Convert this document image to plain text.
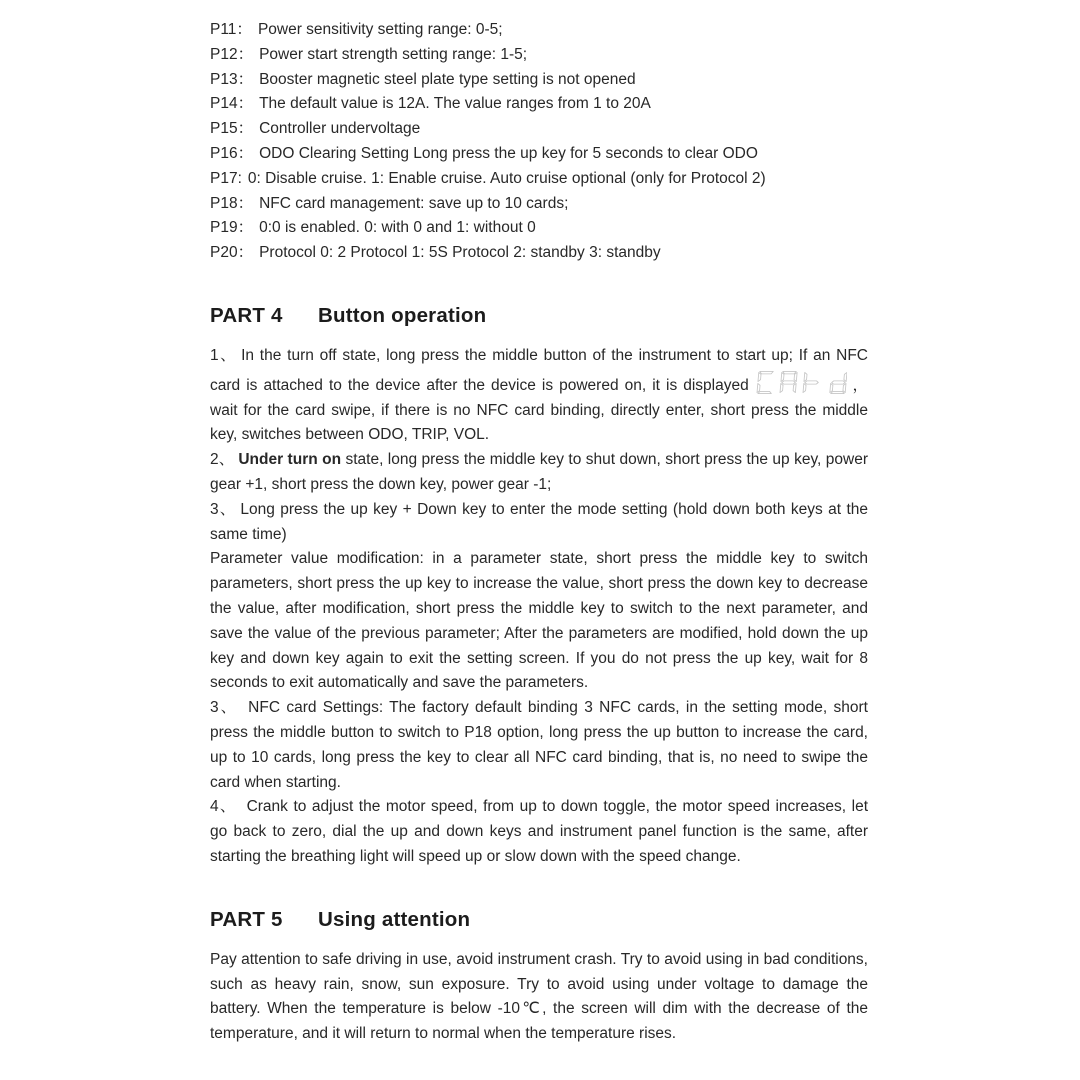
P11： Power sensitivity setting range: 0-5;
P12： Power start strength setting range: 1-5;
P13： Booster magnetic steel plate type setting is not opened
P14： The default value is 12A. The value ranges from 1 to 20A
P15： Controller undervoltage
P16： ODO Clearing Setting Long press the up key for 5 seconds to clear ODO
P17: 0: Disable cruise. 1: Enable cruise. Auto cruise optional (only for Protocol 2)
P18： NFC card management: save up to 10 cards;
P19： 0:0 is enabled. 0: with 0 and 1: without 0
P20： Protocol 0: 2 Protocol 1: 5S Protocol 2: standby 3: standby
PART 4 Button operation

1、 In the turn off state, long press the middle button of the instrument to start up; If an NFC card is attached to the device after the device is powered on, it is displayed	， wait for the card swipe, if there is no NFC card binding, directly enter, short press the middle key, switches between ODO, TRIP, VOL.

2、 Under turn on state, long press the middle key to shut down, short press the up key, power gear +1, short press the down key, power gear -1;

3、 Long press the up key + Down key to enter the mode setting (hold down both keys at the same time)

Parameter value modification: in a parameter state, short press the middle key to switch parameters, short press the up key to increase the value, short press the down key to decrease the value, after modification, short press the middle key to switch to the next parameter, and save the value of the previous parameter; After the parameters are modified, hold down the up key and down key again to exit the setting screen. If you do not press the up key, wait for 8 seconds to exit automatically and save the parameters.

3、 NFC card Settings: The factory default binding 3 NFC cards, in the setting mode, short press the middle button to switch to P18 option, long press the up button to increase the card, up to 10 cards, long press the key to clear all NFC card binding, that is, no need to swipe the card when starting.

4、 Crank to adjust the motor speed, from up to down toggle, the motor speed increases, let go back to zero, dial the up and down keys and instrument panel function is the same, after starting the breathing light will speed up or slow down with the speed change.

PART 5 Using attention

Pay attention to safe driving in use, avoid instrument crash. Try to avoid using in bad conditions, such as heavy rain, snow, sun exposure. Try to avoid using under voltage to damage the battery. When the temperature is below -10℃, the screen will dim with the decrease of the temperature, and it will return to normal when the temperature rises.
